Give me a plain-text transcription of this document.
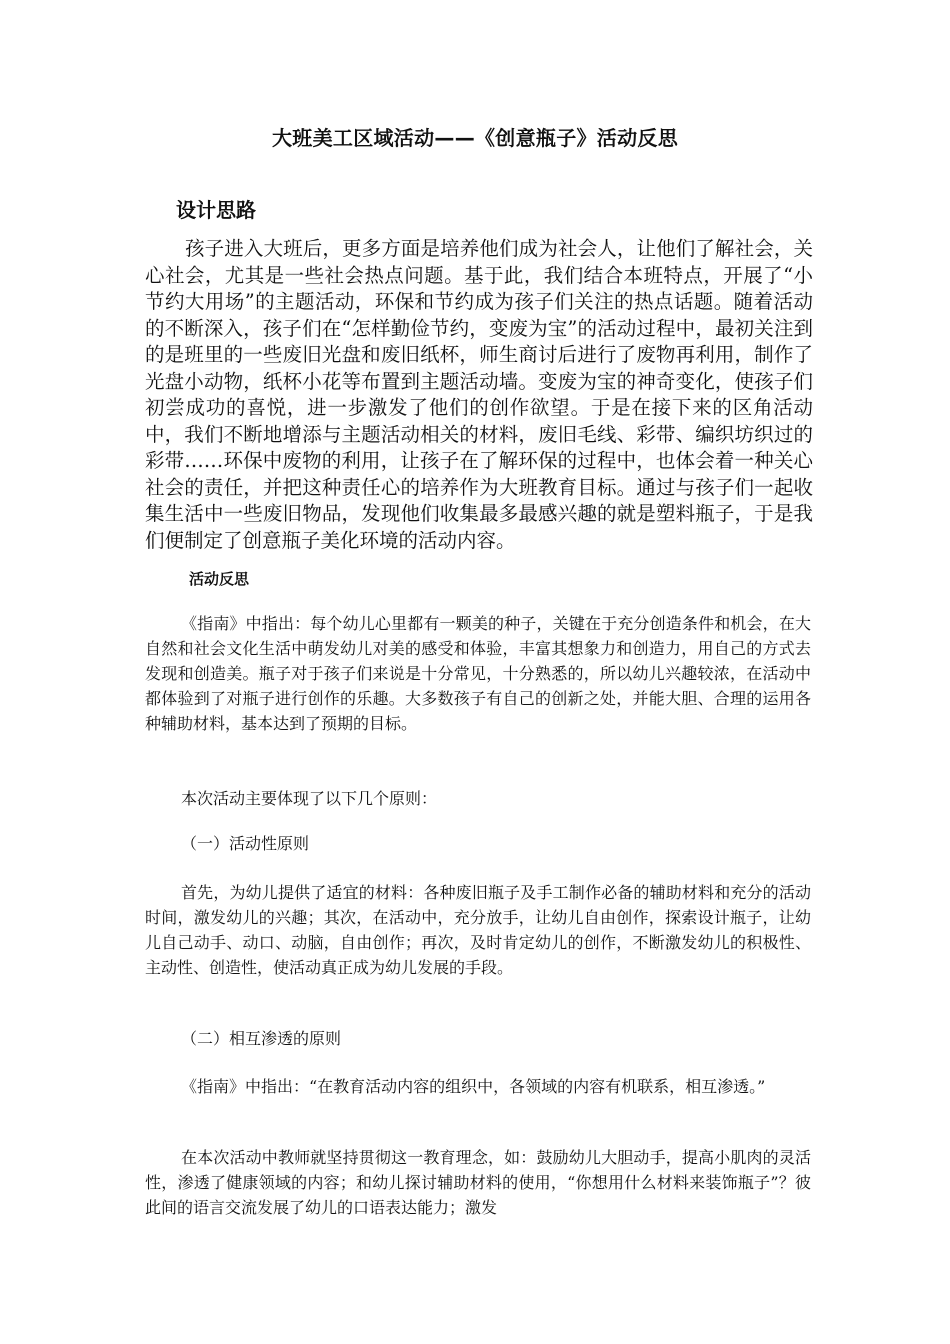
大班美工区域活动——《创意瓶子》活动反思
设计思路

孩子进入大班后，更多方面是培养他们成为社会人，让他们了解社会，关心社会，尤其是一些社会热点问题。基于此，我们结合本班特点，开展了“小节约大用场”的主题活动，环保和节约成为孩子们关注的热点话题。随着活动的不断深入，孩子们在“怎样勤俭节约，变废为宝”的活动过程中，最初关注到的是班里的一些废旧光盘和废旧纸杯，师生商讨后进行了废物再利用，制作了光盘小动物，纸杯小花等布置到主题活动墙。变废为宝的神奇变化，使孩子们初尝成功的喜悦，进一步激发了他们的创作欲望。于是在接下来的区角活动中，我们不断地增添与主题活动相关的材料，废旧毛线、彩带、编织坊织过的彩带……环保中废物的利用，让孩子在了解环保的过程中，也体会着一种关心社会的责任，并把这种责任心的培养作为大班教育目标。通过与孩子们一起收集生活中一些废旧物品，发现他们收集最多最感兴趣的就是塑料瓶子，于是我们便制定了创意瓶子美化环境的活动内容。

活动反思

《指南》中指出：每个幼儿心里都有一颗美的种子，关键在于充分创造条件和机会，在大自然和社会文化生活中萌发幼儿对美的感受和体验，丰富其想象力和创造力，用自己的方式去发现和创造美。瓶子对于孩子们来说是十分常见，十分熟悉的，所以幼儿兴趣较浓，在活动中都体验到了对瓶子进行创作的乐趣。大多数孩子有自己的创新之处，并能大胆、合理的运用各种辅助材料，基本达到了预期的目标。

本次活动主要体现了以下几个原则：

（一）活动性原则

首先，为幼儿提供了适宜的材料：各种废旧瓶子及手工制作必备的辅助材料和充分的活动时间，激发幼儿的兴趣；其次，在活动中，充分放手，让幼儿自由创作，探索设计瓶子，让幼儿自己动手、动口、动脑，自由创作；再次，及时肯定幼儿的创作，不断激发幼儿的积极性、主动性、创造性，使活动真正成为幼儿发展的手段。

（二）相互渗透的原则

《指南》中指出：“在教育活动内容的组织中，各领域的内容有机联系，相互渗透。”

在本次活动中教师就坚持贯彻这一教育理念，如：鼓励幼儿大胆动手，提高小肌肉的灵活性，渗透了健康领域的内容；和幼儿探讨辅助材料的使用，“你想用什么材料来装饰瓶子”？彼此间的语言交流发展了幼儿的口语表达能力；激发
